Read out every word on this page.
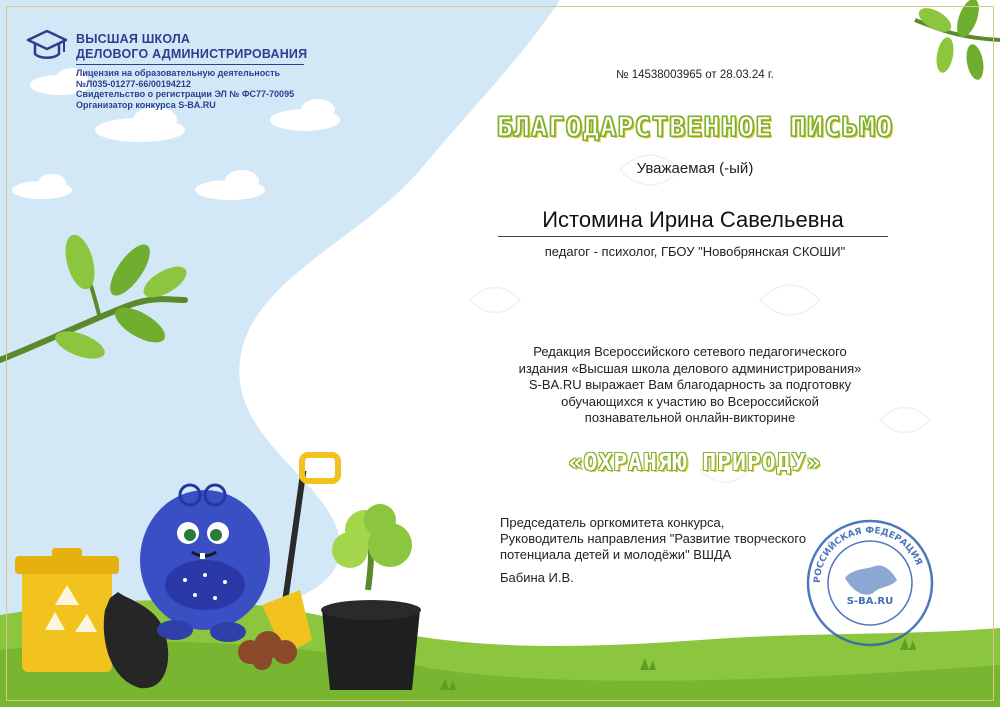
ВЫСШАЯ ШКОЛА
ДЕЛОВОГО АДМИНИСТРИРОВАНИЯ
Лицензия на образовательную деятельность
№Л035-01277-66/00194212
Свидетельство о регистрации ЭЛ № ФС77-70095
Организатор конкурса S-BA.RU
№ 14538003965 от 28.03.24 г.
БЛАГОДАРСТВЕННОЕ ПИСЬМО
Уважаемая (-ый)
Истомина Ирина Савельевна
педагог - психолог, ГБОУ "Новобрянская СКОШИ"
Редакция Всероссийского сетевого педагогического
издания «Высшая школа делового администрирования»
S-BA.RU выражает Вам благодарность за подготовку
обучающихся к участию во Всероссийской
познавательной онлайн-викторине
«ОХРАНЯЮ ПРИРОДУ»
Председатель оргкомитета конкурса,
Руководитель направления "Развитие творческого
потенциала детей и молодёжи" ВШДА
Бабина И.В.	РОССИЙСКАЯ ФЕДЕРАЦИЯ
S-BA.RU
